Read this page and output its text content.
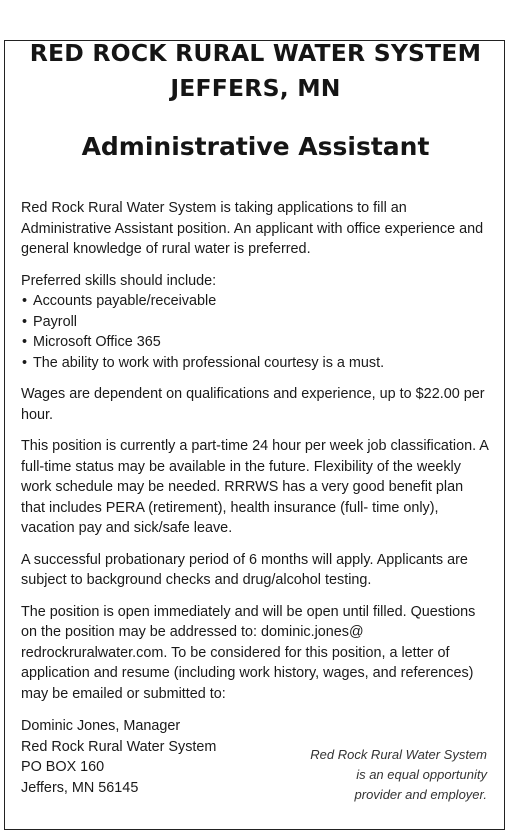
RED ROCK RURAL WATER SYSTEM
JEFFERS, MN
Administrative Assistant

Red Rock Rural Water System is taking applications to fill an Administrative Assistant position. An applicant with office experience and general knowledge of rural water is preferred.

Preferred skills should include:
• Accounts payable/receivable
• Payroll
• Microsoft Office 365
• The ability to work with professional courtesy is a must.

Wages are dependent on qualifications and experience, up to $22.00 per hour.

This position is currently a part-time 24 hour per week job classification. A full-time status may be available in the future. Flexibility of the weekly work schedule may be needed. RRRWS has a very good benefit plan that includes PERA (retirement), health insurance (full- time only), vacation pay and sick/safe leave.

A successful probationary period of 6 months will apply. Applicants are subject to background checks and drug/alcohol testing.

The position is open immediately and will be open until filled. Questions on the position may be addressed to: dominic.jones@ redrockruralwater.com. To be considered for this position, a letter of application and resume (including work history, wages, and references) may be emailed or submitted to:

Dominic Jones, Manager
Red Rock Rural Water System
PO BOX 160
Jeffers, MN 56145
Red Rock Rural Water System
is an equal opportunity
provider and employer.
